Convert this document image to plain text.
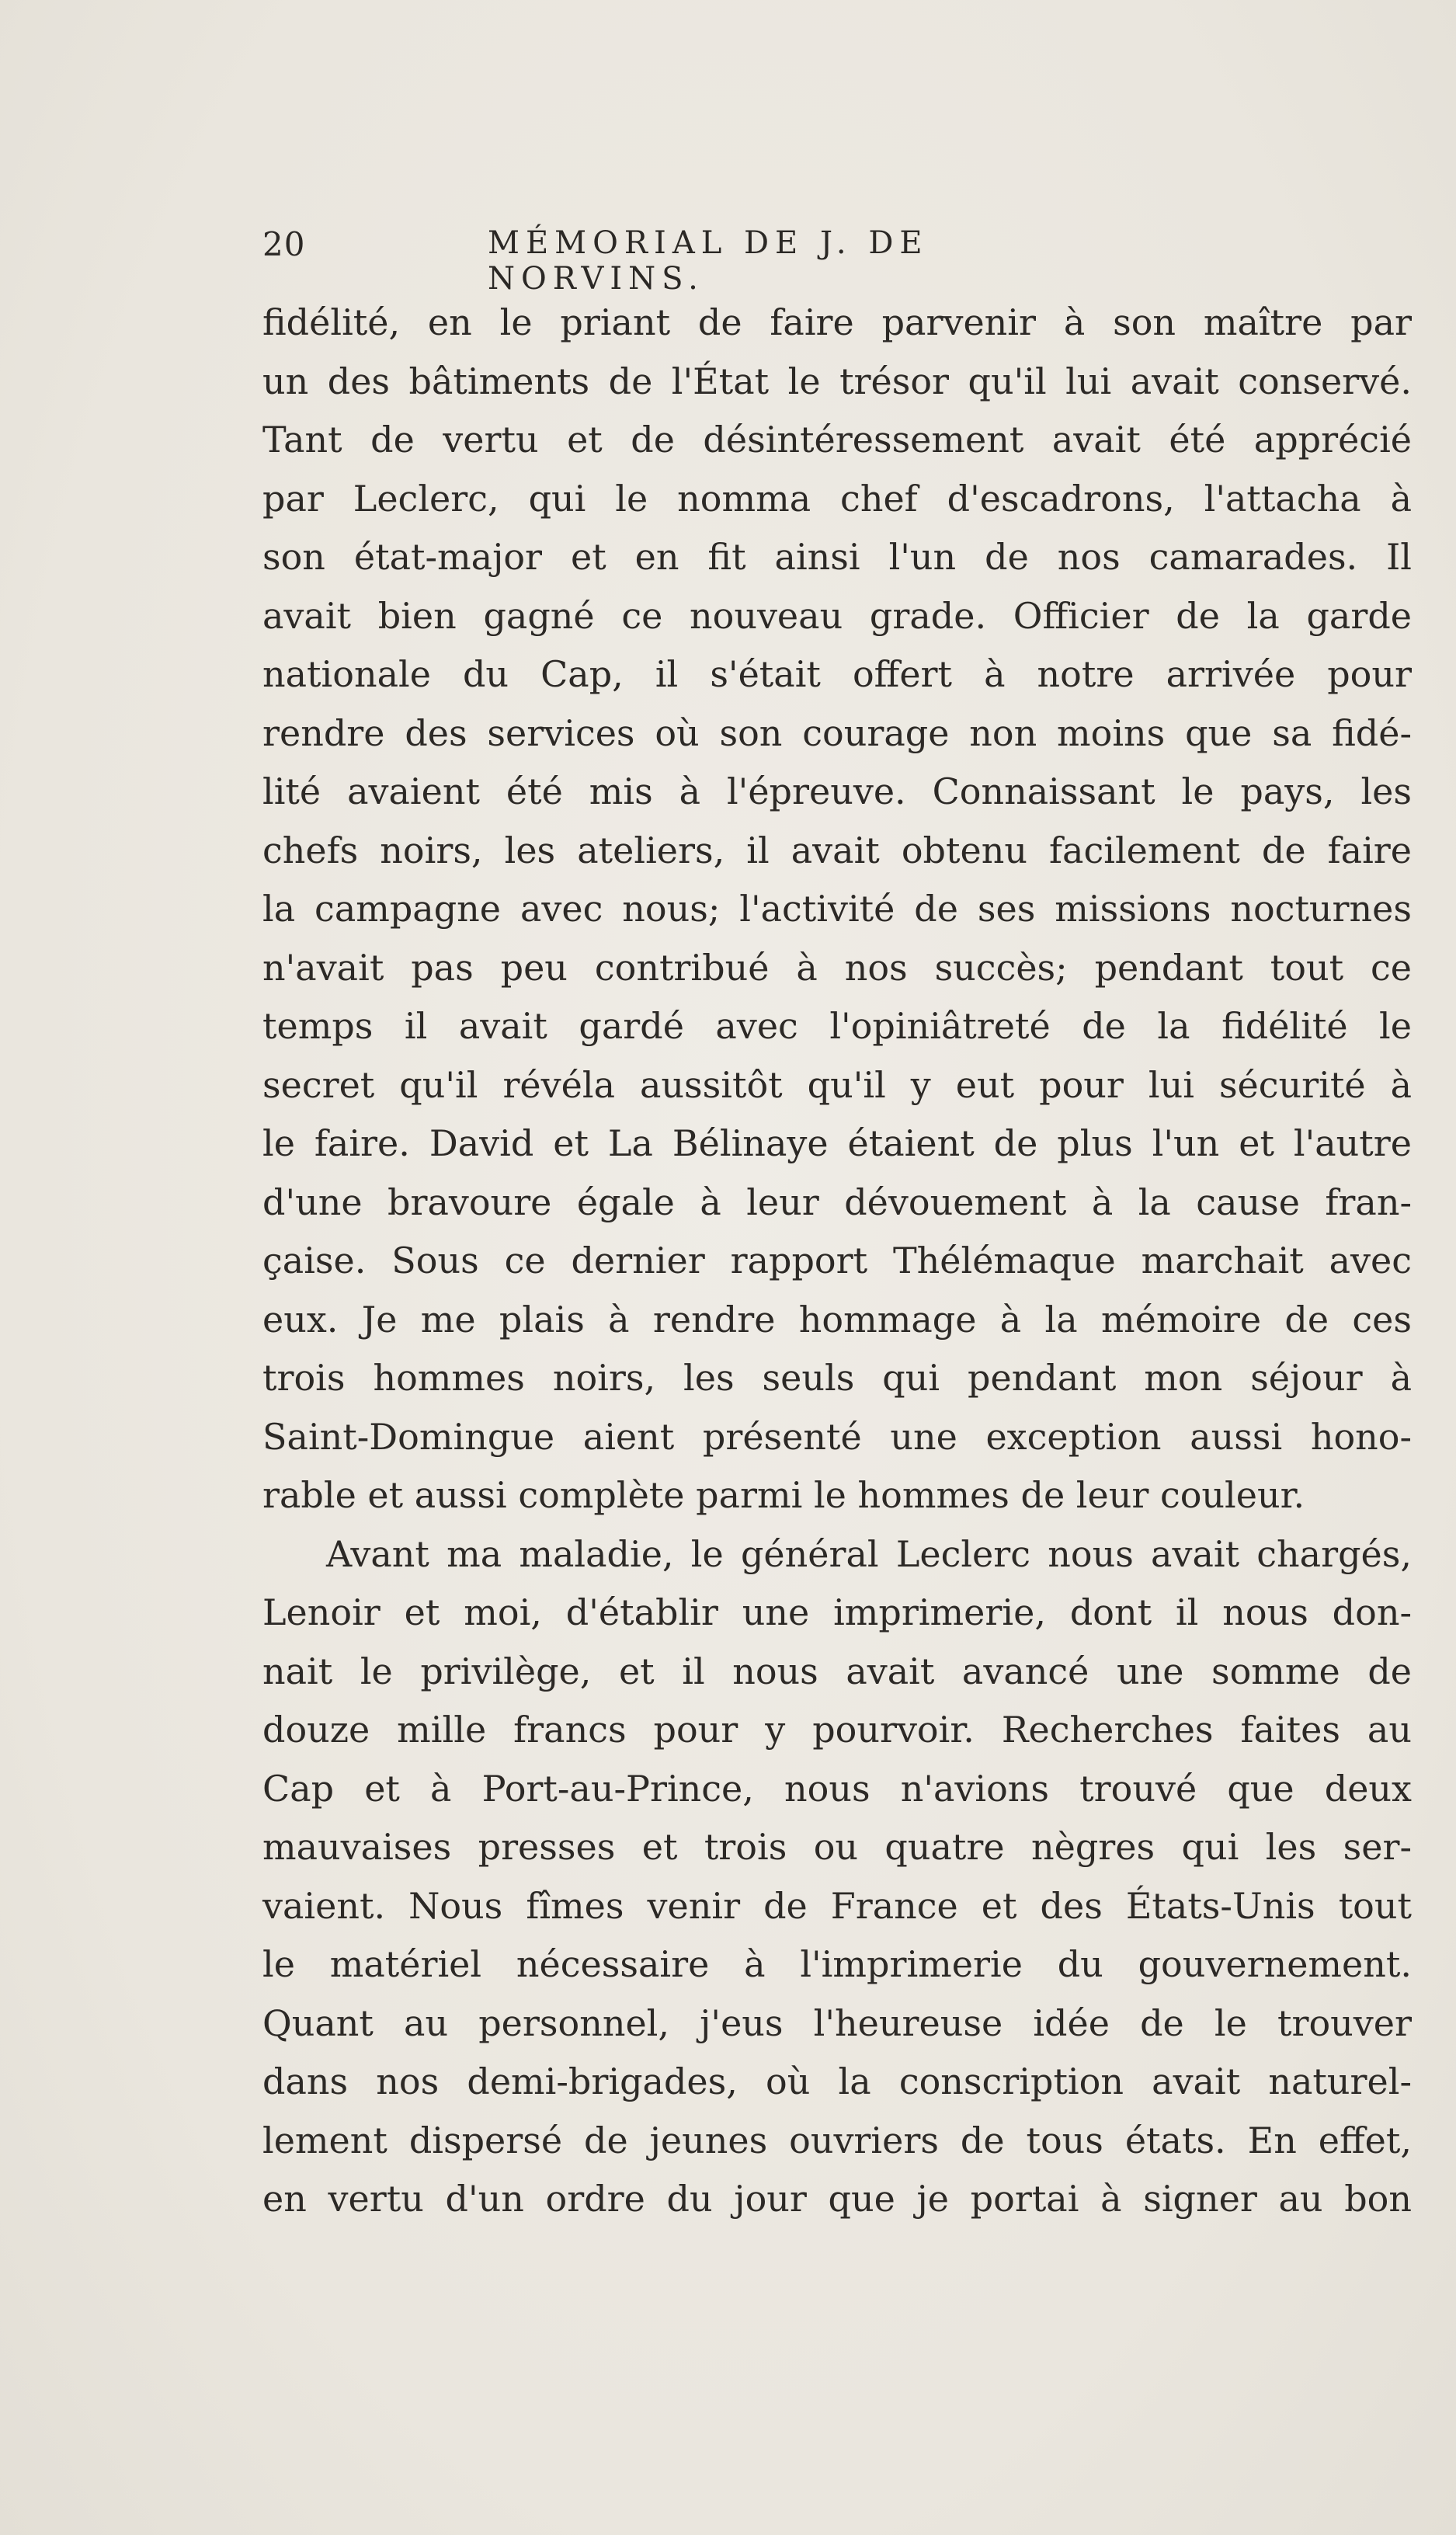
20	MÉMORIAL DE J. DE NORVINS.
fidélité, en le priant de faire parvenir à son maître par
un des bâtiments de l'État le trésor qu'il lui avait conservé.
Tant de vertu et de désintéressement avait été apprécié
par Leclerc, qui le nomma chef d'escadrons, l'attacha à
son état-major et en fit ainsi l'un de nos camarades. Il
avait bien gagné ce nouveau grade. Officier de la garde
nationale du Cap, il s'était offert à notre arrivée pour
rendre des services où son courage non moins que sa fidé-
lité avaient été mis à l'épreuve. Connaissant le pays, les
chefs noirs, les ateliers, il avait obtenu facilement de faire
la campagne avec nous; l'activité de ses missions nocturnes
n'avait pas peu contribué à nos succès; pendant tout ce
temps il avait gardé avec l'opiniâtreté de la fidélité le
secret qu'il révéla aussitôt qu'il y eut pour lui sécurité à
le faire. David et La Bélinaye étaient de plus l'un et l'autre
d'une bravoure égale à leur dévouement à la cause fran-
çaise. Sous ce dernier rapport Thélémaque marchait avec
eux. Je me plais à rendre hommage à la mémoire de ces
trois hommes noirs, les seuls qui pendant mon séjour à
Saint-Domingue aient présenté une exception aussi hono-
rable et aussi complète parmi le hommes de leur couleur.
Avant ma maladie, le général Leclerc nous avait chargés,
Lenoir et moi, d'établir une imprimerie, dont il nous don-
nait le privilège, et il nous avait avancé une somme de
douze mille francs pour y pourvoir. Recherches faites au
Cap et à Port-au-Prince, nous n'avions trouvé que deux
mauvaises presses et trois ou quatre nègres qui les ser-
vaient. Nous fîmes venir de France et des États-Unis tout
le matériel nécessaire à l'imprimerie du gouvernement.
Quant au personnel, j'eus l'heureuse idée de le trouver
dans nos demi-brigades, où la conscription avait naturel-
lement dispersé de jeunes ouvriers de tous états. En effet,
en vertu d'un ordre du jour que je portai à signer au bon
